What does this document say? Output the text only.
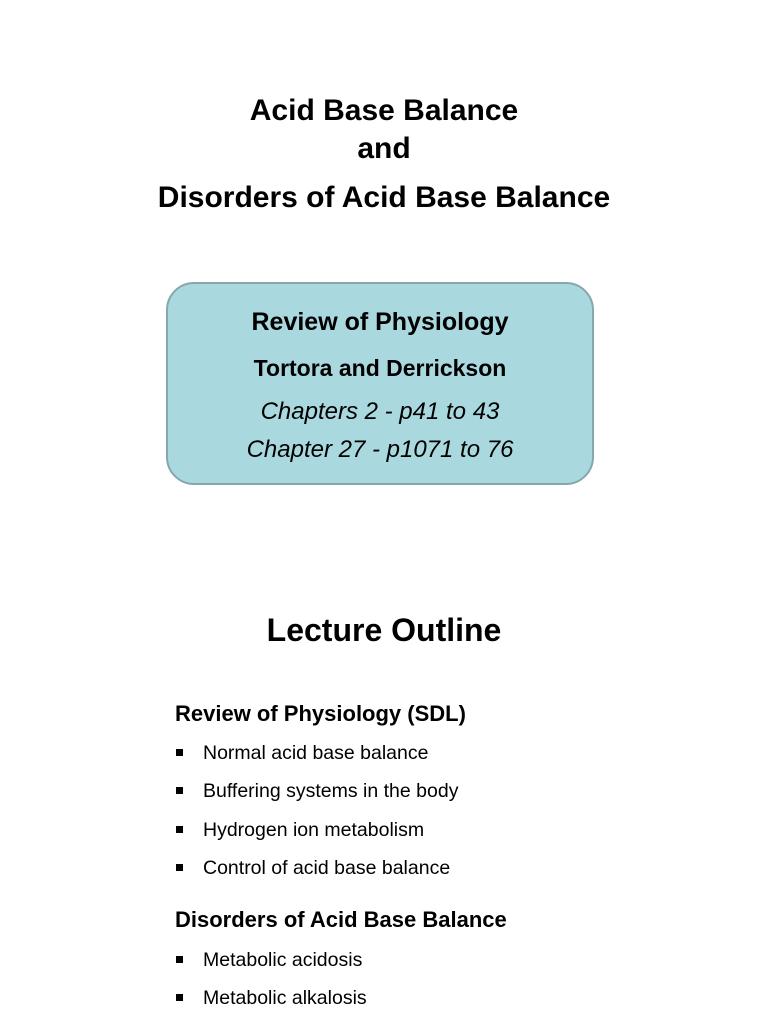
Acid Base Balance
and
Disorders of Acid Base Balance
Review of Physiology
Tortora and Derrickson
Chapters 2 - p41 to 43
Chapter 27 - p1071 to 76
Lecture Outline
Review of Physiology (SDL)
Normal acid base balance
Buffering systems in the body
Hydrogen ion metabolism
Control of acid base balance
Disorders of Acid Base Balance
Metabolic acidosis
Metabolic alkalosis
